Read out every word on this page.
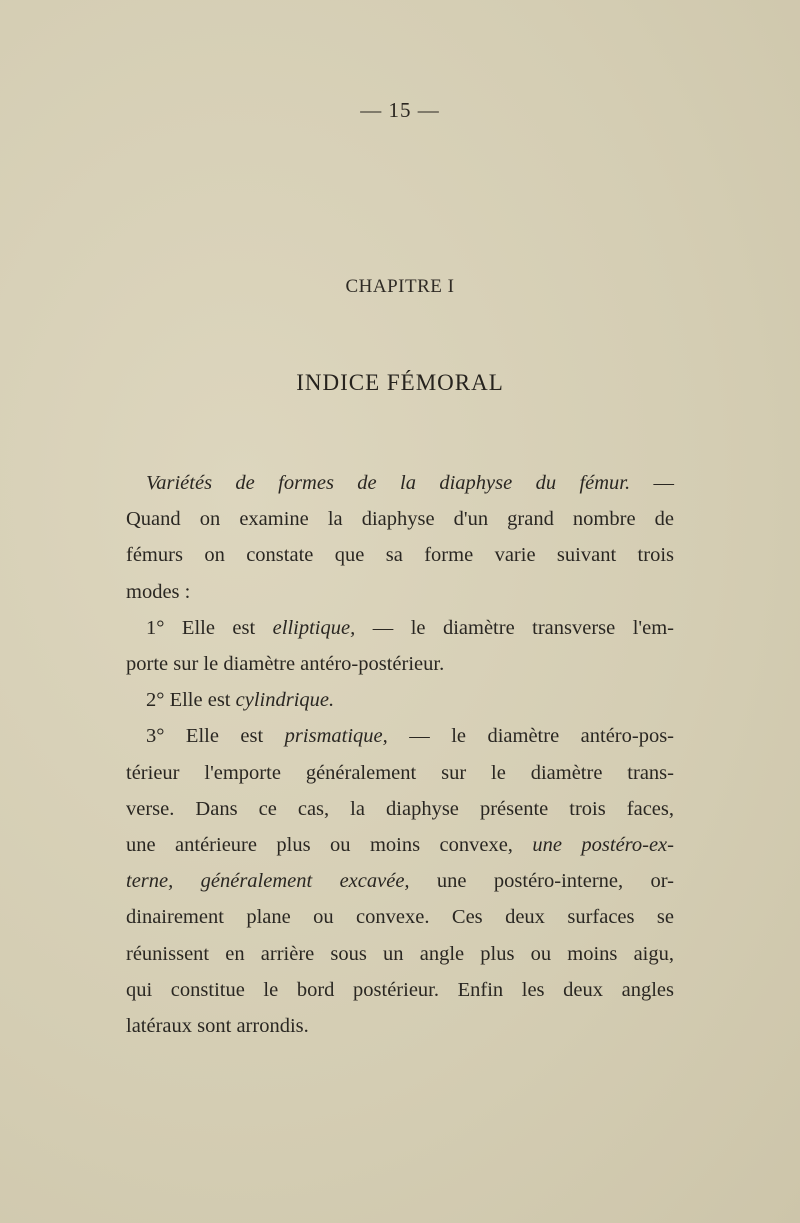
— 15 —
CHAPITRE I
INDICE FÉMORAL

Variétés de formes de la diaphyse du fémur. —
Quand on examine la diaphyse d'un grand nombre de
fémurs on constate que sa forme varie suivant trois
modes :

1° Elle est elliptique, — le diamètre transverse l'em-
porte sur le diamètre antéro-postérieur.

2° Elle est cylindrique.

3° Elle est prismatique, — le diamètre antéro-pos-
térieur l'emporte généralement sur le diamètre trans-
verse. Dans ce cas, la diaphyse présente trois faces,
une antérieure plus ou moins convexe, une postéro-ex-
terne, généralement excavée, une postéro-interne, or-
dinairement plane ou convexe. Ces deux surfaces se
réunissent en arrière sous un angle plus ou moins aigu,
qui constitue le bord postérieur. Enfin les deux angles
latéraux sont arrondis.
